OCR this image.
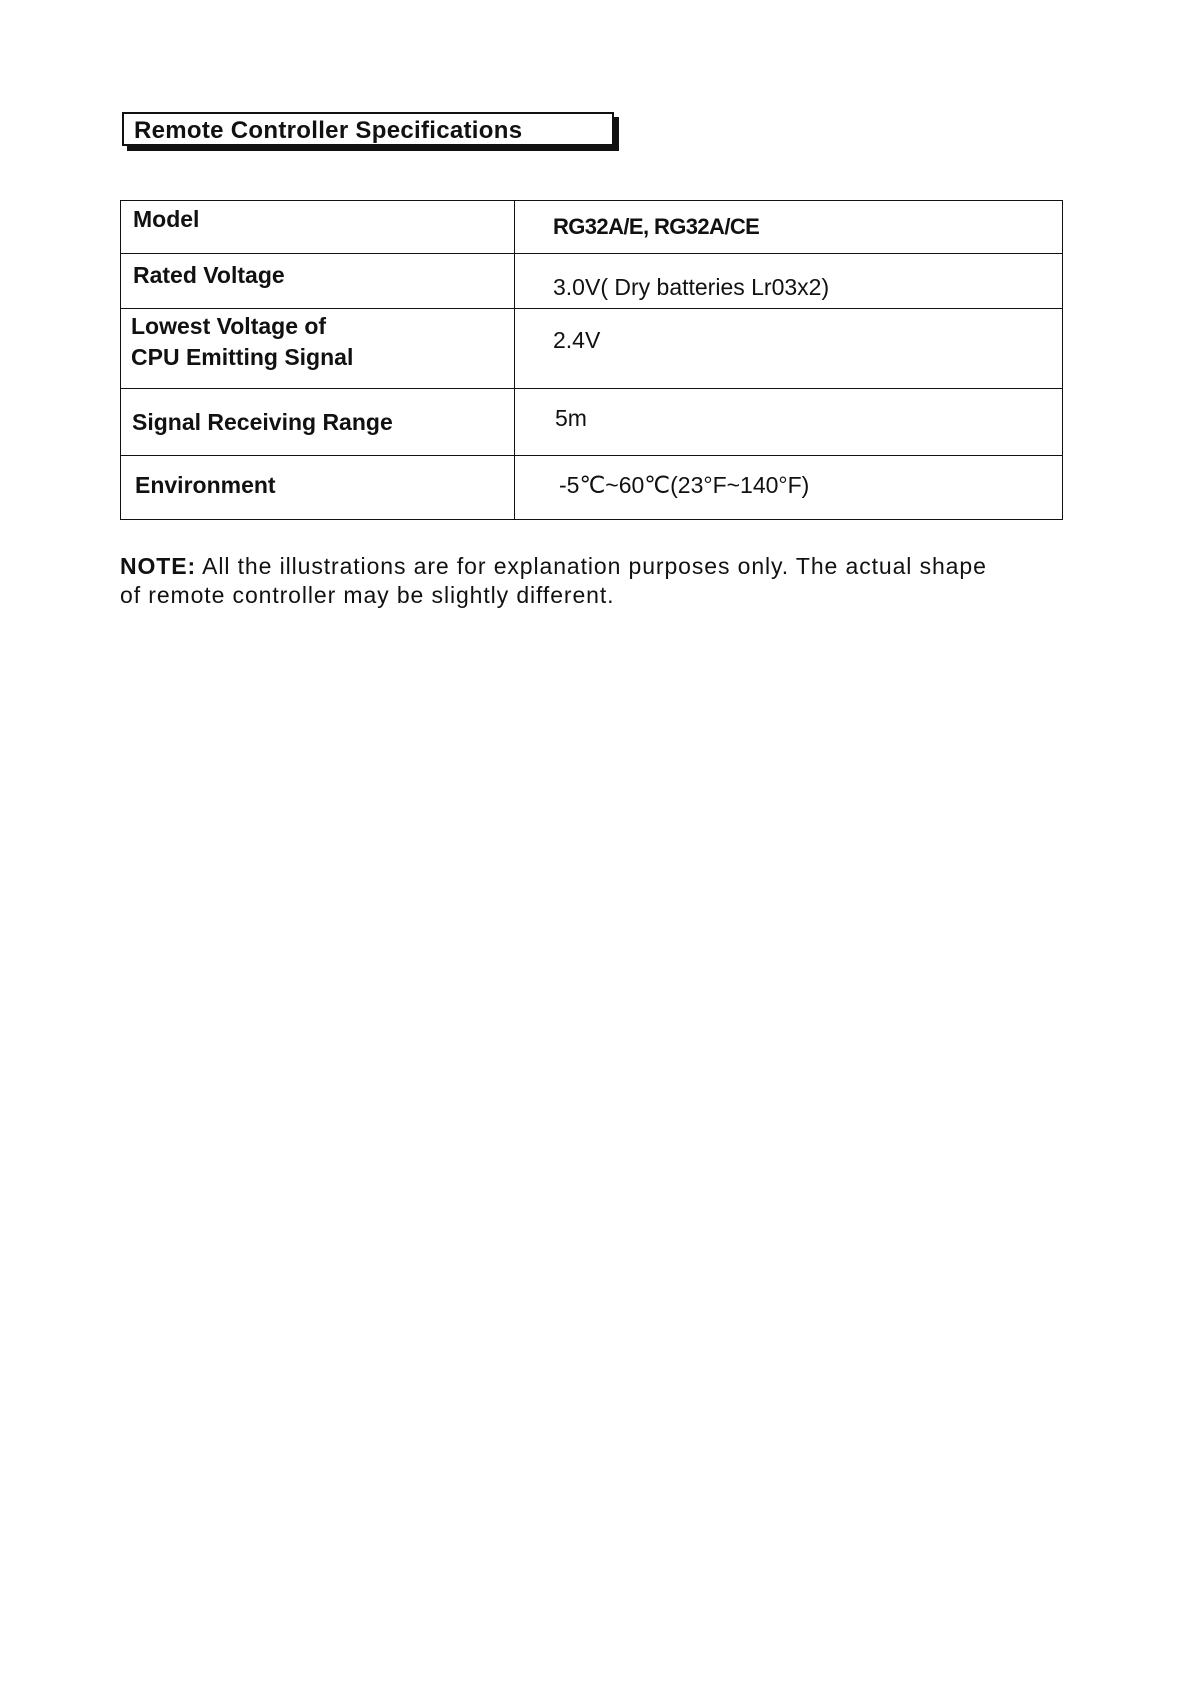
Remote Controller Specifications
Model	RG32A/E, RG32A/CE

Rated Voltage	3.0V( Dry batteries Lr03x2)

Lowest Voltage of
CPU Emitting Signal	2.4V

Signal Receiving Range	5m

Environment	-5℃~60℃(23°F~140°F)
NOTE: All the illustrations are for explanation purposes only. The actual shape
of remote controller may be slightly different.
